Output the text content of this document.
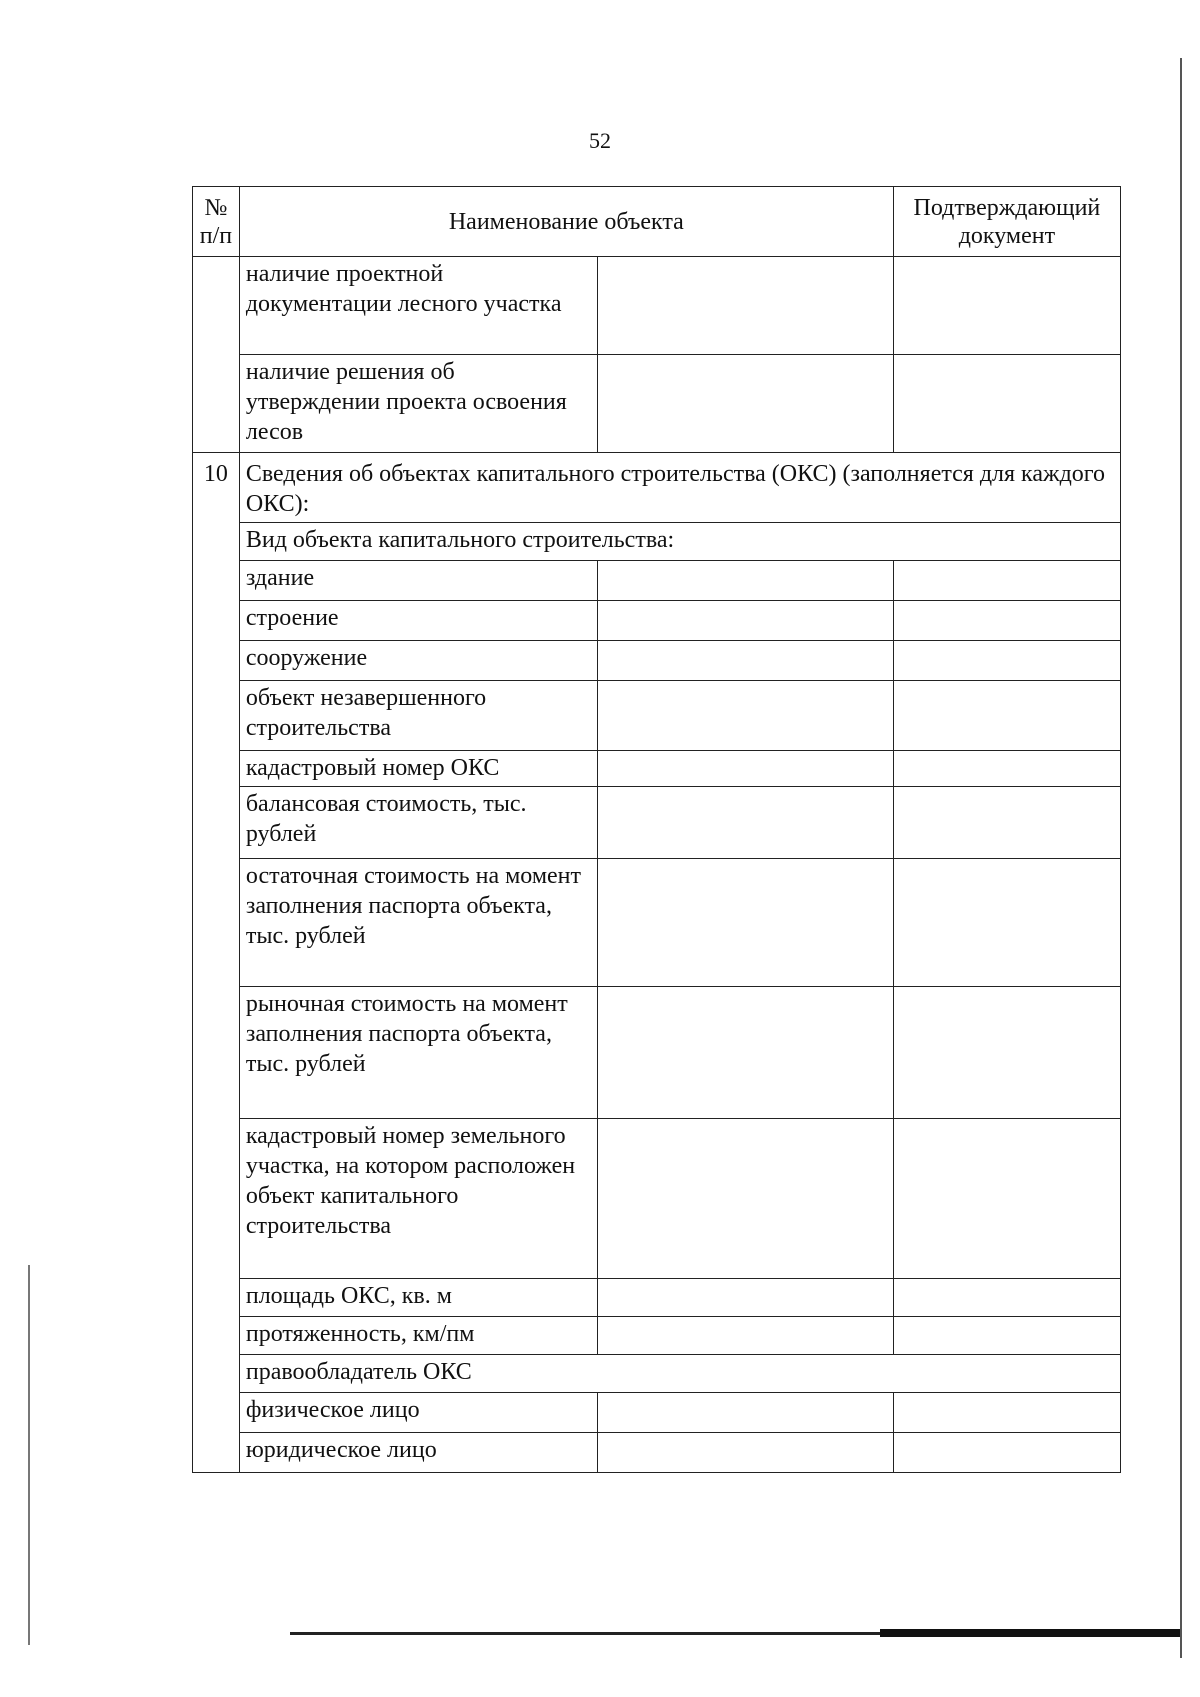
52
№ п/п	Наименование объекта		Подтверждающий документ
	наличие проектной документации лесного участка		
	наличие решения об утверждении проекта освоения лесов		
10	Сведения об объектах капитального строительства (ОКС) (заполняется для каждого ОКС):		
	Вид объекта капитального строительства:		
	здание		
	строение		
	сооружение		
	объект незавершенного строительства		
	кадастровый номер ОКС		
	балансовая стоимость, тыс. рублей		
	остаточная стоимость на момент заполнения паспорта объекта, тыс. рублей		
	рыночная стоимость на момент заполнения паспорта объекта, тыс. рублей		
	кадастровый номер земельного участка, на котором расположен объект капитального строительства		
	площадь ОКС, кв. м		
	протяженность, км/пм		
	правообладатель ОКС		
	физическое лицо		
	юридическое лицо		
